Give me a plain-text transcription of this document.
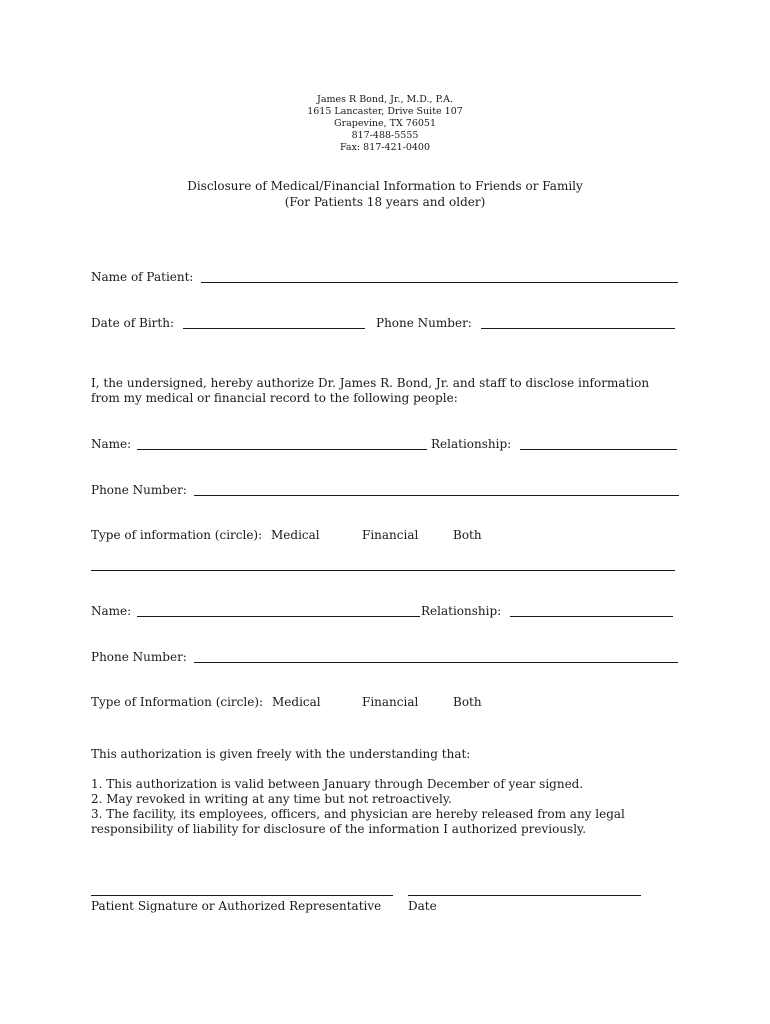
James R Bond, Jr., M.D., P.A.
1615 Lancaster, Drive Suite 107
Grapevine, TX 76051
817-488-5555
Fax: 817-421-0400
Disclosure of Medical/Financial Information to Friends or Family
(For Patients 18 years and older)
Name of Patient:
Date of Birth:	Phone Number:
I, the undersigned, hereby authorize Dr. James R. Bond, Jr. and staff to disclose information
from my medical or financial record to the following people:
Name:	Relationship:
Phone Number:
Type of information (circle): Medical	Financial	Both
Name:	Relationship:
Phone Number:
Type of Information (circle): Medical	Financial	Both
This authorization is given freely with the understanding that:
1. This authorization is valid between January through December of year signed.
2. May revoked in writing at any time but not retroactively.
3. The facility, its employees, officers, and physician are hereby released from any legal
responsibility of liability for disclosure of the information I authorized previously.
Patient Signature or Authorized Representative Date
